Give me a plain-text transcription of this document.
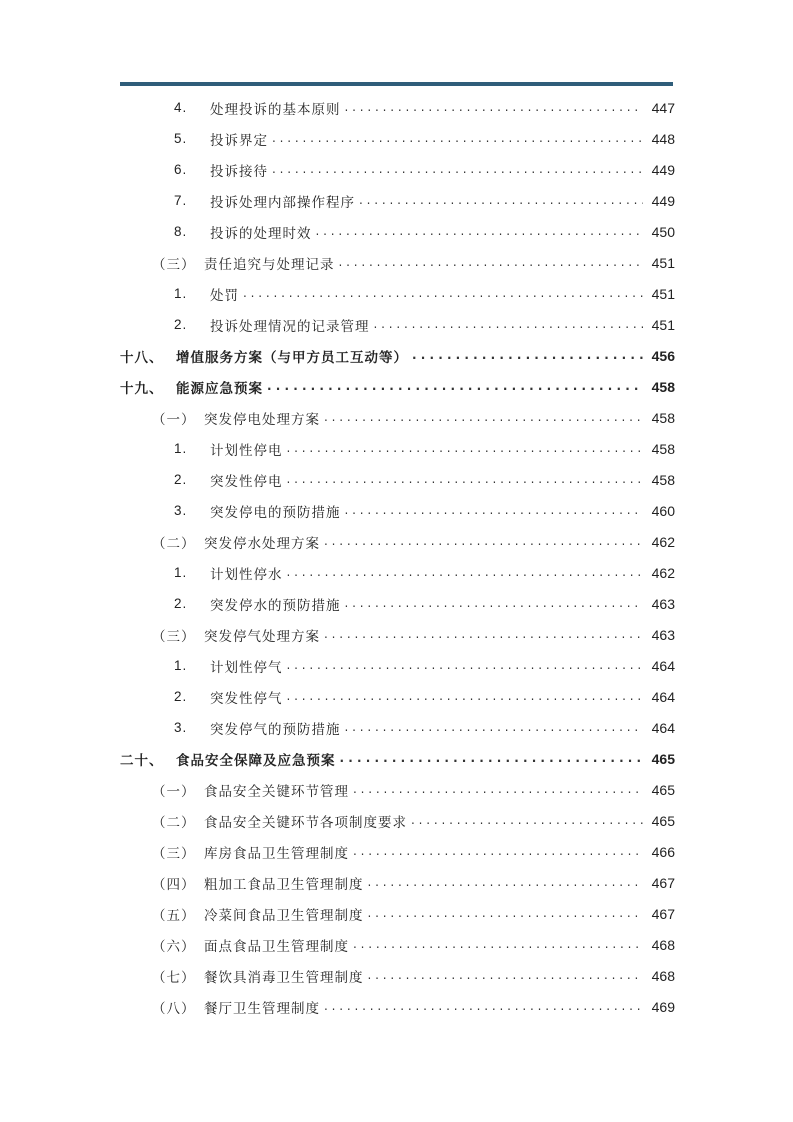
4.	处理投诉的基本原则 . . .	447
5.	投诉界定 . . .	448
6.	投诉接待 . . .	449
7.	投诉处理内部操作程序 . . .	449
8.	投诉的处理时效 . . .	450
（三） 责任追究与处理记录 . . .	451
1.	处罚 . . .	451
2.	投诉处理情况的记录管理 . . .	451
十八、 增值服务方案（与甲方员工互动等） . . .	456
十九、 能源应急预案 . . .	458
（一） 突发停电处理方案 . . .	458
1.	计划性停电 . . .	458
2.	突发性停电 . . .	458
3.	突发停电的预防措施 . . .	460
（二） 突发停水处理方案 . . .	462
1.	计划性停水 . . .	462
2.	突发停水的预防措施 . . .	463
（三） 突发停气处理方案 . . .	463
1.	计划性停气 . . .	464
2.	突发性停气 . . .	464
3.	突发停气的预防措施 . . .	464
二十、 食品安全保障及应急预案 . . .	465
（一） 食品安全关键环节管理 . . .	465
（二） 食品安全关键环节各项制度要求 . . .	465
（三） 库房食品卫生管理制度 . . .	466
（四） 粗加工食品卫生管理制度 . . .	467
（五） 冷菜间食品卫生管理制度 . . .	467
（六） 面点食品卫生管理制度 . . .	468
（七） 餐饮具消毒卫生管理制度 . . .	468
（八） 餐厅卫生管理制度 . . .	469
